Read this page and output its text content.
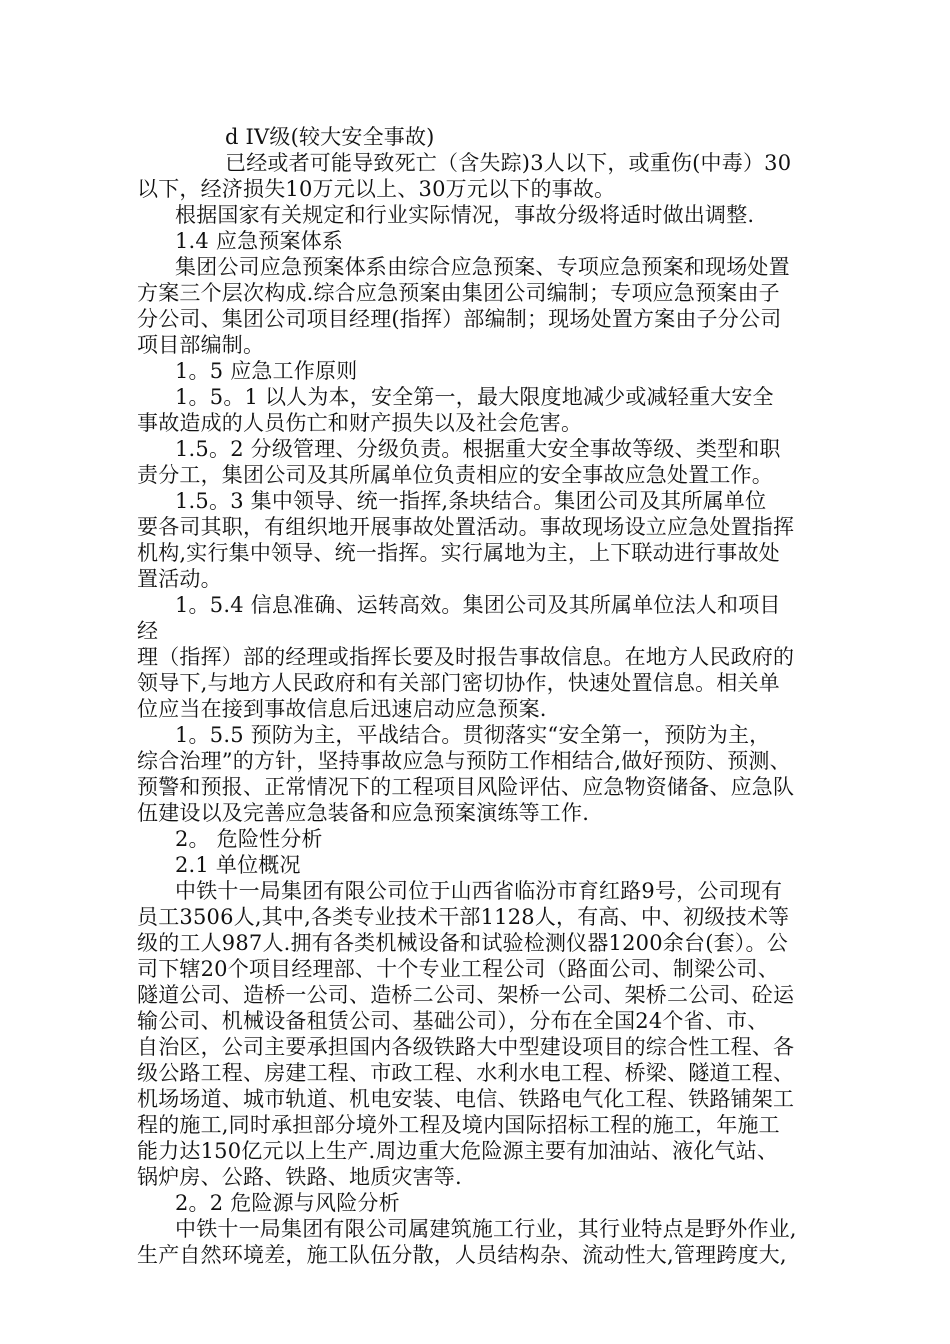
d IV级(较大安全事故)

已经或者可能导致死亡（含失踪)3人以下，或重伤(中毒）30

以下，经济损失10万元以上、30万元以下的事故。

根据国家有关规定和行业实际情况，事故分级将适时做出调整.

1.4 应急预案体系

集团公司应急预案体系由综合应急预案、专项应急预案和现场处置

方案三个层次构成.综合应急预案由集团公司编制；专项应急预案由子

分公司、集团公司项目经理(指挥）部编制；现场处置方案由子分公司

项目部编制。

1。5 应急工作原则

1。5。1 以人为本，安全第一，最大限度地减少或减轻重大安全

事故造成的人员伤亡和财产损失以及社会危害。

1.5。2 分级管理、分级负责。根据重大安全事故等级、类型和职

责分工，集团公司及其所属单位负责相应的安全事故应急处置工作。

1.5。3 集中领导、统一指挥,条块结合。集团公司及其所属单位

要各司其职，有组织地开展事故处置活动。事故现场设立应急处置指挥

机构,实行集中领导、统一指挥。实行属地为主，上下联动进行事故处

置活动。

1。5.4 信息准确、运转高效。集团公司及其所属单位法人和项目

经

理（指挥）部的经理或指挥长要及时报告事故信息。在地方人民政府的

领导下,与地方人民政府和有关部门密切协作，快速处置信息。相关单

位应当在接到事故信息后迅速启动应急预案.

1。5.5 预防为主，平战结合。贯彻落实“安全第一，预防为主，

综合治理”的方针，坚持事故应急与预防工作相结合,做好预防、预测、

预警和预报、正常情况下的工程项目风险评估、应急物资储备、应急队

伍建设以及完善应急装备和应急预案演练等工作.

2。 危险性分析

2.1 单位概况

中铁十一局集团有限公司位于山西省临汾市育红路9号，公司现有

员工3506人,其中,各类专业技术干部1128人，有高、中、初级技术等

级的工人987人.拥有各类机械设备和试验检测仪器1200余台(套）。公

司下辖20个项目经理部、十个专业工程公司（路面公司、制梁公司、

隧道公司、造桥一公司、造桥二公司、架桥一公司、架桥二公司、砼运

输公司、机械设备租赁公司、基础公司），分布在全国24个省、市、

自治区，公司主要承担国内各级铁路大中型建设项目的综合性工程、各

级公路工程、房建工程、市政工程、水利水电工程、桥梁、隧道工程、

机场场道、城市轨道、机电安装、电信、铁路电气化工程、铁路铺架工

程的施工,同时承担部分境外工程及境内国际招标工程的施工，年施工

能力达150亿元以上生产.周边重大危险源主要有加油站、液化气站、

锅炉房、公路、铁路、地质灾害等.

2。2 危险源与风险分析

中铁十一局集团有限公司属建筑施工行业，其行业特点是野外作业,

生产自然环境差，施工队伍分散，人员结构杂、流动性大,管理跨度大,
